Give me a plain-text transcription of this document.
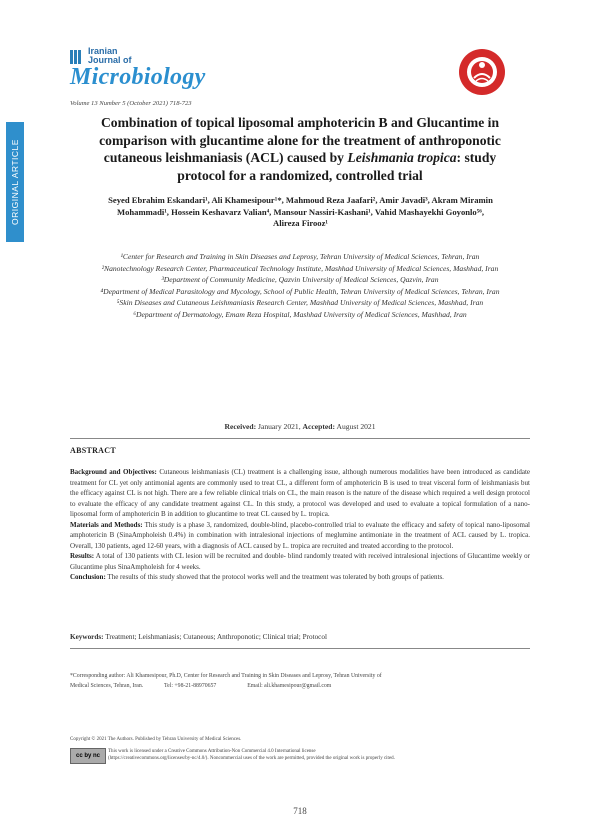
Iranian
Journal of
Microbiology
Volume 13 Number 5 (October 2021) 718-723
ORIGINAL ARTICLE
Combination of topical liposomal amphotericin B and Glucantime in comparison with glucantime alone for the treatment of anthroponotic cutaneous leishmaniasis (ACL) caused by Leishmania tropica: study protocol for a randomized, controlled trial
Seyed Ebrahim Eskandari¹, Ali Khamesipour¹*, Mahmoud Reza Jaafari², Amir Javadi³, Akram Miramin Mohammadi¹, Hossein Keshavarz Valian⁴, Mansour Nassiri-Kashani¹, Vahid Mashayekhi Goyonlo⁵⁶, Alireza Firooz¹
¹Center for Research and Training in Skin Diseases and Leprosy, Tehran University of Medical Sciences, Tehran, Iran
²Nanotechnology Research Center, Pharmaceutical Technology Institute, Mashhad University of Medical Sciences, Mashhad, Iran
³Department of Community Medicine, Qazvin University of Medical Sciences, Qazvin, Iran
⁴Department of Medical Parasitology and Mycology, School of Public Health, Tehran University of Medical Sciences, Tehran, Iran
⁵Skin Diseases and Cutaneous Leishmaniasis Research Center, Mashhad University of Medical Sciences, Mashhad, Iran
⁶Department of Dermatology, Emam Reza Hospital, Mashhad University of Medical Sciences, Mashhad, Iran
Received: January 2021, Accepted: August 2021
ABSTRACT

Background and Objectives: Cutaneous leishmaniasis (CL) treatment is a challenging issue, although numerous modalities have been introduced as candidate treatment for CL yet only antimonial agents are commonly used to treat CL, a different form of amphotericin B is used to treat visceral form of leishmaniasis but the efficacy against CL is not high. There are a few reliable clinical trials on CL, the main reason is the nature of the disease which required a well design protocol to evaluate the efficacy of any candidate treatment against CL. In this study, a protocol was developed and used to evaluate a topical formulation of a nano-liposomal form of amphotericin B in addition to glucantime to treat CL caused by L. tropica.

Materials and Methods: This study is a phase 3, randomized, double-blind, placebo-controlled trial to evaluate the efficacy and safety of topical nano-liposomal amphotericin B (SinaAmpholeish 0.4%) in combination with intralesional injections of meglumine antimoniate in the treatment of ACL caused by L. tropica. Overall, 130 patients, aged 12-60 years, with a diagnosis of ACL caused by L. tropica are recruited and treated according to the protocol.

Results: A total of 130 patients with CL lesion will be recruited and double- blind randomly treated with received intralesional injections of Glucantime weekly or Glucantime plus SinaAmpholeish for 4 weeks.

Conclusion: The results of this study showed that the protocol works well and the treatment was tolerated by both groups of patients.

Keywords: Treatment; Leishmaniasis; Cutaneous; Anthroponotic; Clinical trial; Protocol
*Corresponding author: Ali Khamesipour, Ph.D, Center for Research and Training in Skin Diseases and Leprosy, Tehran University of
Medical Sciences, Tehran, Iran.	Tel: +98-21-88970657	Email: ali.khamesipour@gmail.com
Copyright © 2021 The Authors. Published by Tehran University of Medical Sciences.
cc by nc
This work is licensed under a Creative Commons Attribution-Non Commercial 4.0 International license
(https://creativecommons.org/licenses/by-nc/4.0/). Noncommercial uses of the work are permitted, provided the original work is properly cited.
718
